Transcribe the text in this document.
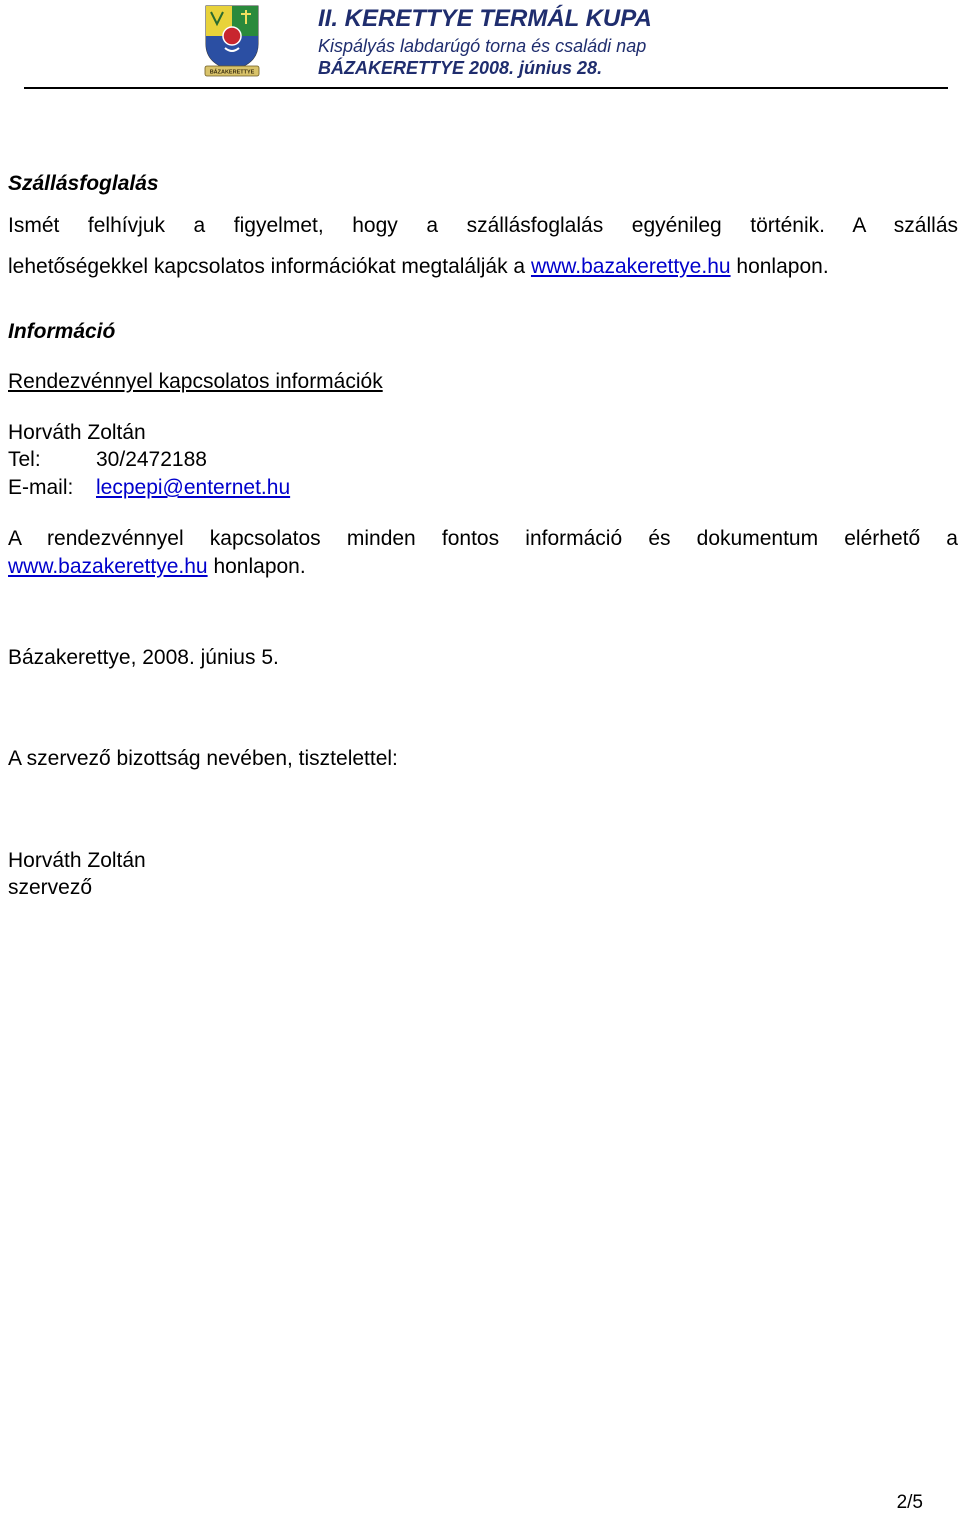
BÁZAKERETTYE
II. KERETTYE TERMÁL KUPA
Kispályás labdarúgó torna és családi nap
BÁZAKERETTYE 2008. június 28.
Szállásfoglalás
Ismét felhívjuk a figyelmet, hogy a szállásfoglalás egyénileg történik. A szállás
lehetőségekkel kapcsolatos információkat megtalálják a www.bazakerettye.hu honlapon.
Információ
Rendezvénnyel kapcsolatos információk
Horváth Zoltán
Tel:	30/2472188
E-mail: lecpepi@enternet.hu
A rendezvénnyel kapcsolatos minden fontos információ és dokumentum elérhető a
www.bazakerettye.hu honlapon.
Bázakerettye, 2008. június 5.
A szervező bizottság nevében, tisztelettel:
Horváth Zoltán
szervező
2/5
